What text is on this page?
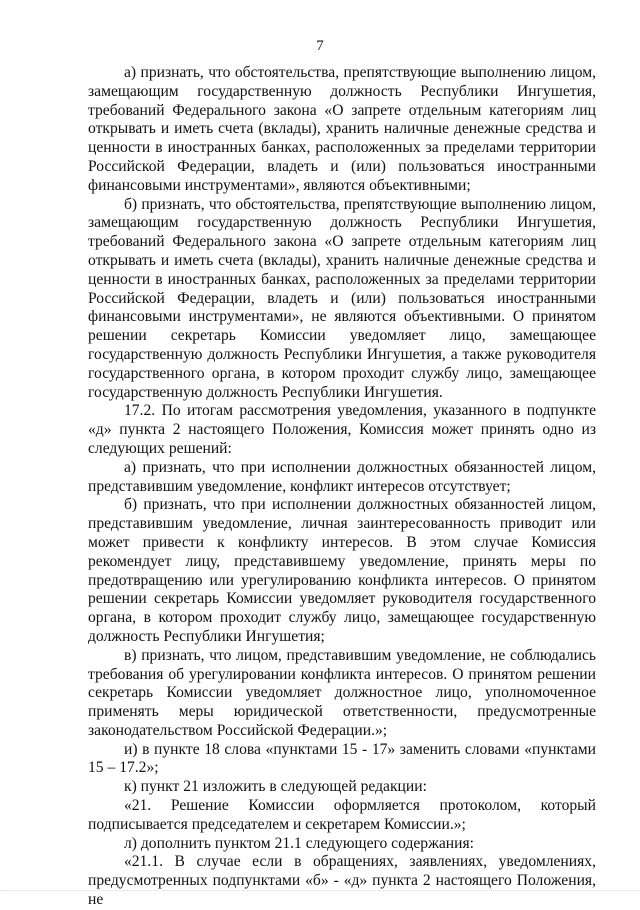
7

а) признать, что обстоятельства, препятствующие выполнению лицом, замещающим государственную должность Республики Ингушетия, требований Федерального закона «О запрете отдельным категориям лиц открывать и иметь счета (вклады), хранить наличные денежные средства и ценности в иностранных банках, расположенных за пределами территории Российской Федерации, владеть и (или) пользоваться иностранными финансовыми инструментами», являются объективными;

б) признать, что обстоятельства, препятствующие выполнению лицом, замещающим государственную должность Республики Ингушетия, требований Федерального закона «О запрете отдельным категориям лиц открывать и иметь счета (вклады), хранить наличные денежные средства и ценности в иностранных банках, расположенных за пределами территории Российской Федерации, владеть и (или) пользоваться иностранными финансовыми инструментами», не являются объективными. О принятом решении секретарь Комиссии уведомляет лицо, замещающее государственную должность Республики Ингушетия, а также руководителя государственного органа, в котором проходит службу лицо, замещающее государственную должность Республики Ингушетия.

17.2. По итогам рассмотрения уведомления, указанного в подпункте «д» пункта 2 настоящего Положения, Комиссия может принять одно из следующих решений:

а) признать, что при исполнении должностных обязанностей лицом, представившим уведомление, конфликт интересов отсутствует;

б) признать, что при исполнении должностных обязанностей лицом, представившим уведомление, личная заинтересованность приводит или может привести к конфликту интересов. В этом случае Комиссия рекомендует лицу, представившему уведомление, принять меры по предотвращению или урегулированию конфликта интересов. О принятом решении секретарь Комиссии уведомляет руководителя государственного органа, в котором проходит службу лицо, замещающее государственную должность Республики Ингушетия;

в) признать, что лицом, представившим уведомление, не соблюдались требования об урегулировании конфликта интересов. О принятом решении секретарь Комиссии уведомляет должностное лицо, уполномоченное применять меры юридической ответственности, предусмотренные законодательством Российской Федерации.»;

и) в пункте 18 слова «пунктами 15 - 17» заменить словами «пунктами 15 – 17.2»;

к) пункт 21 изложить в следующей редакции:

«21. Решение Комиссии оформляется протоколом, который подписывается председателем и секретарем Комиссии.»;

л) дополнить пунктом 21.1 следующего содержания:

«21.1. В случае если в обращениях, заявлениях, уведомлениях, предусмотренных подпунктами «б» - «д» пункта 2 настоящего Положения, не
